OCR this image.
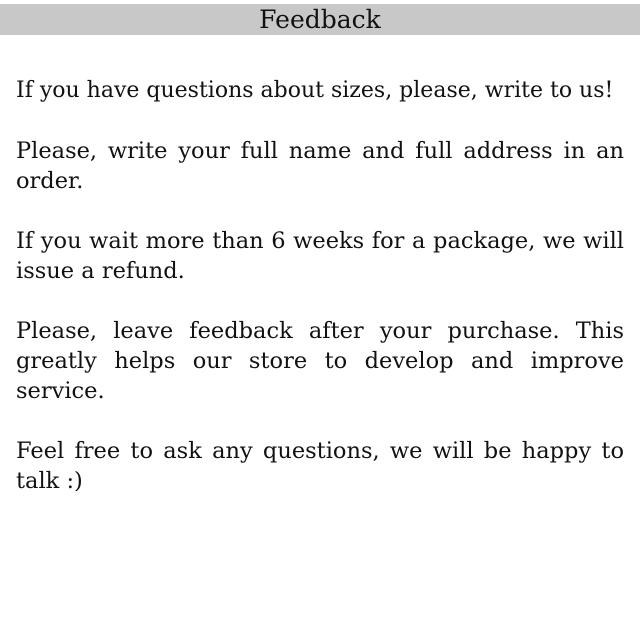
Feedback

If you have questions about sizes, please, write to us!

Please, write your full name and full address in an order.

If you wait more than 6 weeks for a package, we will issue a refund.

Please, leave feedback after your purchase. This greatly helps our store to develop and improve service.

Feel free to ask any questions, we will be happy to talk :)
